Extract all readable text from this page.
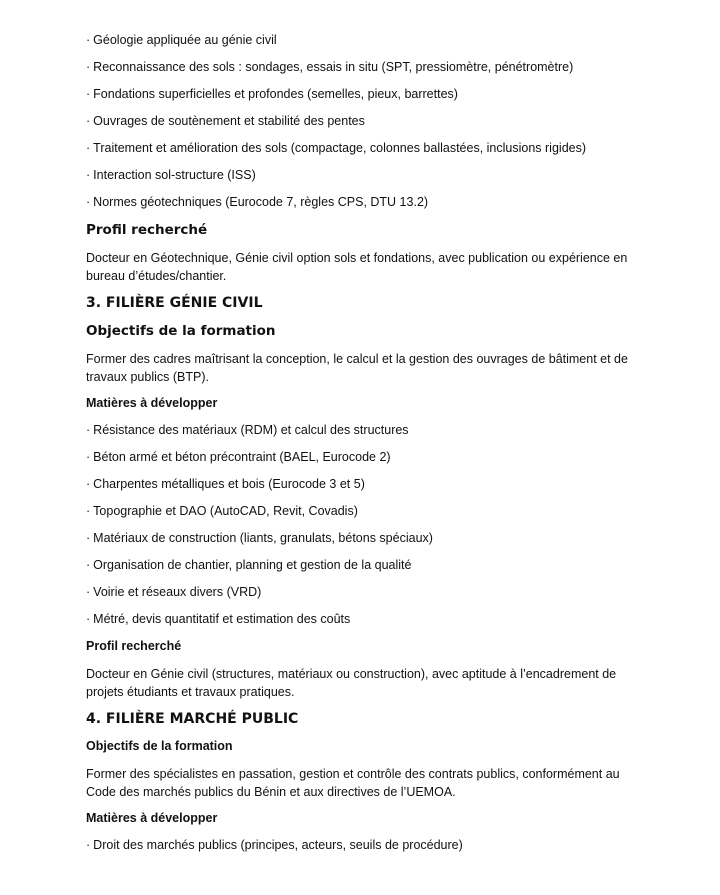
· Géologie appliquée au génie civil
· Reconnaissance des sols : sondages, essais in situ (SPT, pressiomètre, pénétromètre)
· Fondations superficielles et profondes (semelles, pieux, barrettes)
· Ouvrages de soutènement et stabilité des pentes
· Traitement et amélioration des sols (compactage, colonnes ballastées, inclusions rigides)
· Interaction sol-structure (ISS)
· Normes géotechniques (Eurocode 7, règles CPS, DTU 13.2)
Profil recherché
Docteur en Géotechnique, Génie civil option sols et fondations, avec publication ou expérience en bureau d’études/chantier.
3. FILIÈRE GÉNIE CIVIL
Objectifs de la formation
Former des cadres maîtrisant la conception, le calcul et la gestion des ouvrages de bâtiment et de travaux publics (BTP).
Matières à développer
· Résistance des matériaux (RDM) et calcul des structures
· Béton armé et béton précontraint (BAEL, Eurocode 2)
· Charpentes métalliques et bois (Eurocode 3 et 5)
· Topographie et DAO (AutoCAD, Revit, Covadis)
· Matériaux de construction (liants, granulats, bétons spéciaux)
· Organisation de chantier, planning et gestion de la qualité
· Voirie et réseaux divers (VRD)
· Métré, devis quantitatif et estimation des coûts
Profil recherché
Docteur en Génie civil (structures, matériaux ou construction), avec aptitude à l’encadrement de projets étudiants et travaux pratiques.
4. FILIÈRE MARCHÉ PUBLIC
Objectifs de la formation
Former des spécialistes en passation, gestion et contrôle des contrats publics, conformément au Code des marchés publics du Bénin et aux directives de l’UEMOA.
Matières à développer
· Droit des marchés publics (principes, acteurs, seuils de procédure)
